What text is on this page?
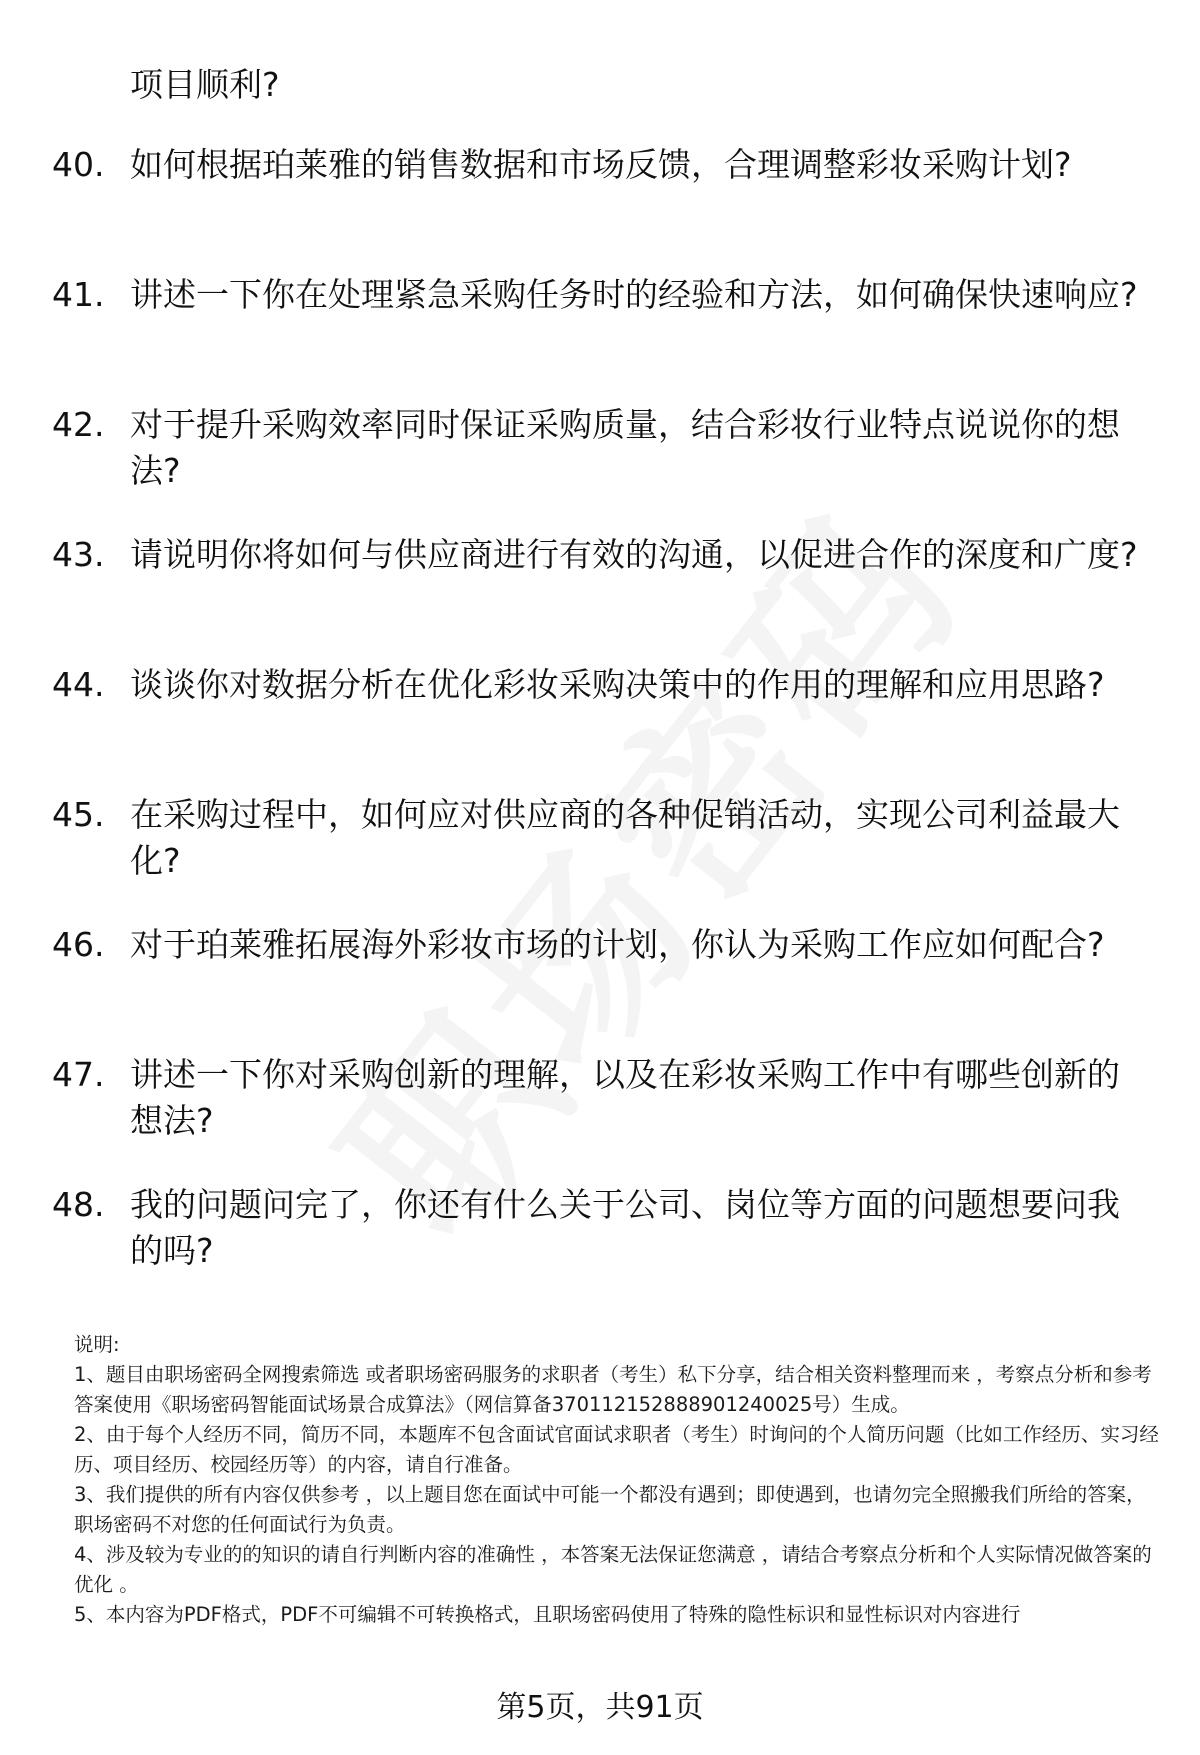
项目顺利?
40. 如何根据珀莱雅的销售数据和市场反馈，合理调整彩妆采购计划?
41. 讲述一下你在处理紧急采购任务时的经验和方法，如何确保快速响应?
42. 对于提升采购效率同时保证采购质量，结合彩妆行业特点说说你的想法?
43. 请说明你将如何与供应商进行有效的沟通，以促进合作的深度和广度?
44. 谈谈你对数据分析在优化彩妆采购决策中的作用的理解和应用思路?
45. 在采购过程中，如何应对供应商的各种促销活动，实现公司利益最大化?
46. 对于珀莱雅拓展海外彩妆市场的计划，你认为采购工作应如何配合?
47. 讲述一下你对采购创新的理解，以及在彩妆采购工作中有哪些创新的想法?
48. 我的问题问完了，你还有什么关于公司、岗位等方面的问题想要问我的吗?

说明:

1、题目由职场密码全网搜索筛选 或者职场密码服务的求职者（考生）私下分享，结合相关资料整理而来 ，考察点分析和参考答案使用《职场密码智能面试场景合成算法》（网信算备370112152888901240025号）生成。

2、由于每个人经历不同，简历不同，本题库不包含面试官面试求职者（考生）时询问的个人简历问题（比如工作经历、实习经历、项目经历、校园经历等）的内容，请自行准备。

3、我们提供的所有内容仅供参考 ，以上题目您在面试中可能一个都没有遇到；即使遇到，也请勿完全照搬我们所给的答案，职场密码不对您的任何面试行为负责。

4、涉及较为专业的的知识的请自行判断内容的准确性 ，本答案无法保证您满意 ，请结合考察点分析和个人实际情况做答案的优化 。

5、本内容为PDF格式，PDF不可编辑不可转换格式，且职场密码使用了特殊的隐性标识和显性标识对内容进行

第5页，共91页
